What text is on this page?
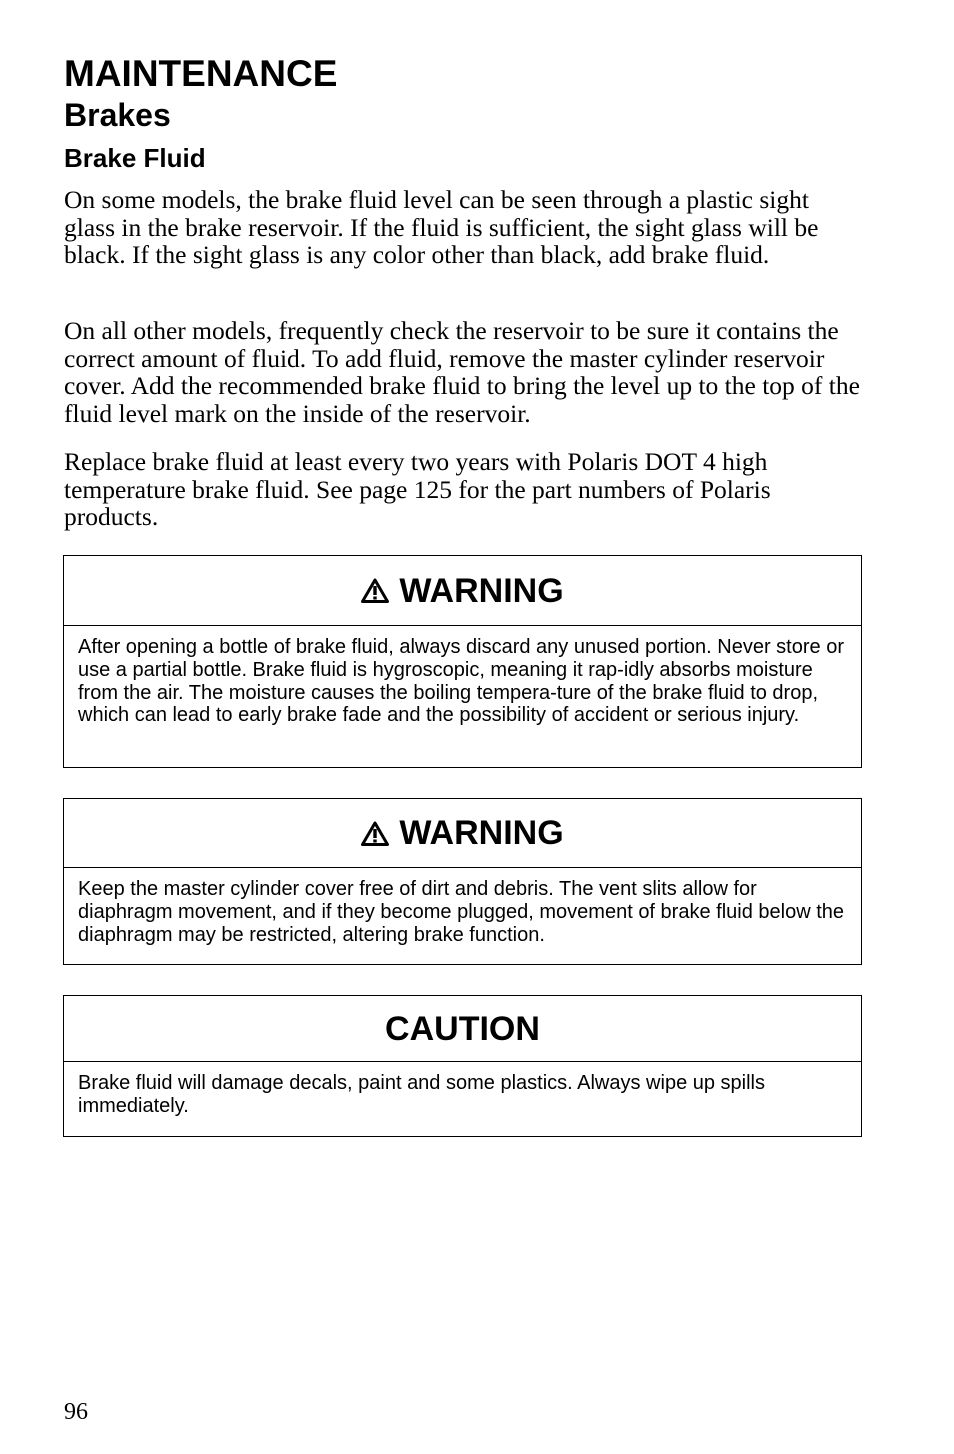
MAINTENANCE
Brakes
Brake Fluid

On some models, the brake fluid level can be seen through a plastic sight glass in the brake reservoir. If the fluid is sufficient, the sight glass will be black. If the sight glass is any color other than black, add brake fluid.

On all other models, frequently check the reservoir to be sure it contains the correct amount of fluid. To add fluid, remove the master cylinder reservoir cover. Add the recommended brake fluid to bring the level up to the top of the fluid level mark on the inside of the reservoir.

Replace brake fluid at least every two years with Polaris DOT 4 high temperature brake fluid. See page 125 for the part numbers of Polaris products.

WARNING
After opening a bottle of brake fluid, always discard any unused portion. Never store or use a partial bottle. Brake fluid is hygroscopic, meaning it rap-idly absorbs moisture from the air. The moisture causes the boiling tempera-ture of the brake fluid to drop, which can lead to early brake fade and the possibility of accident or serious injury.
WARNING
Keep the master cylinder cover free of dirt and debris. The vent slits allow for diaphragm movement, and if they become plugged, movement of brake fluid below the diaphragm may be restricted, altering brake function.
CAUTION
Brake fluid will damage decals, paint and some plastics. Always wipe up spills immediately.

96
